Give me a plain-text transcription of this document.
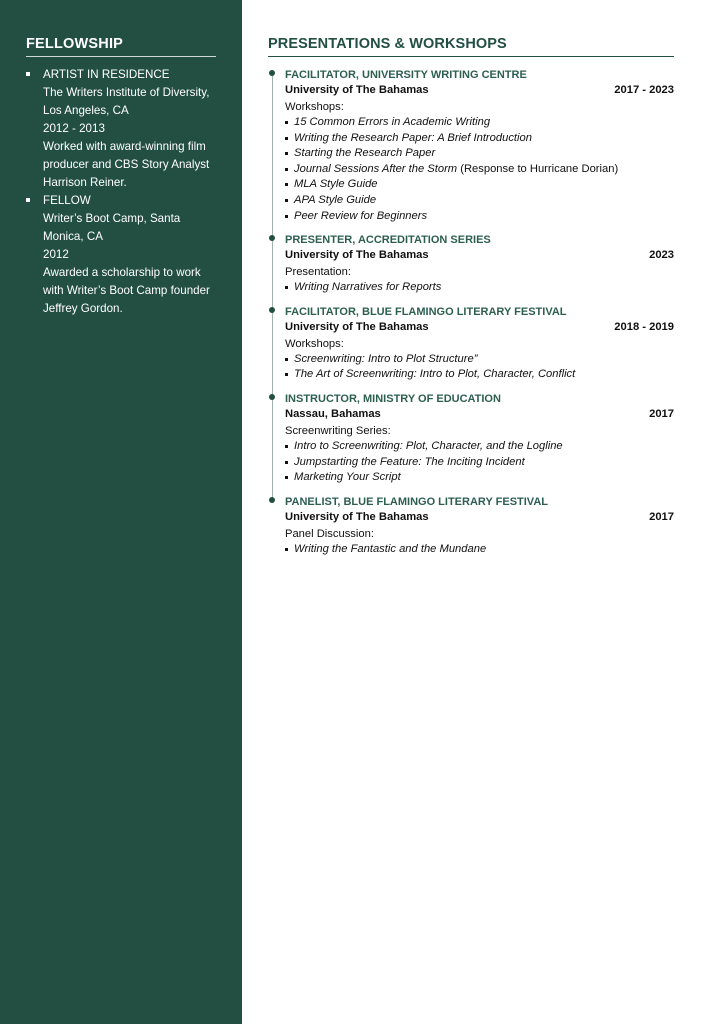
FELLOWSHIP
ARTIST IN RESIDENCE
The Writers Institute of Diversity, Los Angeles, CA
2012 - 2013
Worked with award-winning film producer and CBS Story Analyst Harrison Reiner.
FELLOW
Writer’s Boot Camp, Santa Monica, CA
2012
Awarded a scholarship to work with Writer’s Boot Camp founder Jeffrey Gordon.
PRESENTATIONS & WORKSHOPS
FACILITATOR, UNIVERSITY WRITING CENTRE
University of The Bahamas	2017 - 2023
Workshops:
15 Common Errors in Academic Writing
Writing the Research Paper: A Brief Introduction
Starting the Research Paper
Journal Sessions After the Storm (Response to Hurricane Dorian)
MLA Style Guide
APA Style Guide
Peer Review for Beginners
PRESENTER, ACCREDITATION SERIES
University of The Bahamas	2023
Presentation:
Writing Narratives for Reports
FACILITATOR, BLUE FLAMINGO LITERARY FESTIVAL
University of The Bahamas	2018 - 2019
Workshops:
Screenwriting: Intro to Plot Structure”
The Art of Screenwriting: Intro to Plot, Character, Conflict
INSTRUCTOR, MINISTRY OF EDUCATION
Nassau, Bahamas	2017
Screenwriting Series:
Intro to Screenwriting: Plot, Character, and the Logline
Jumpstarting the Feature: The Inciting Incident
Marketing Your Script
PANELIST, BLUE FLAMINGO LITERARY FESTIVAL
University of The Bahamas	2017
Panel Discussion:
Writing the Fantastic and the Mundane
